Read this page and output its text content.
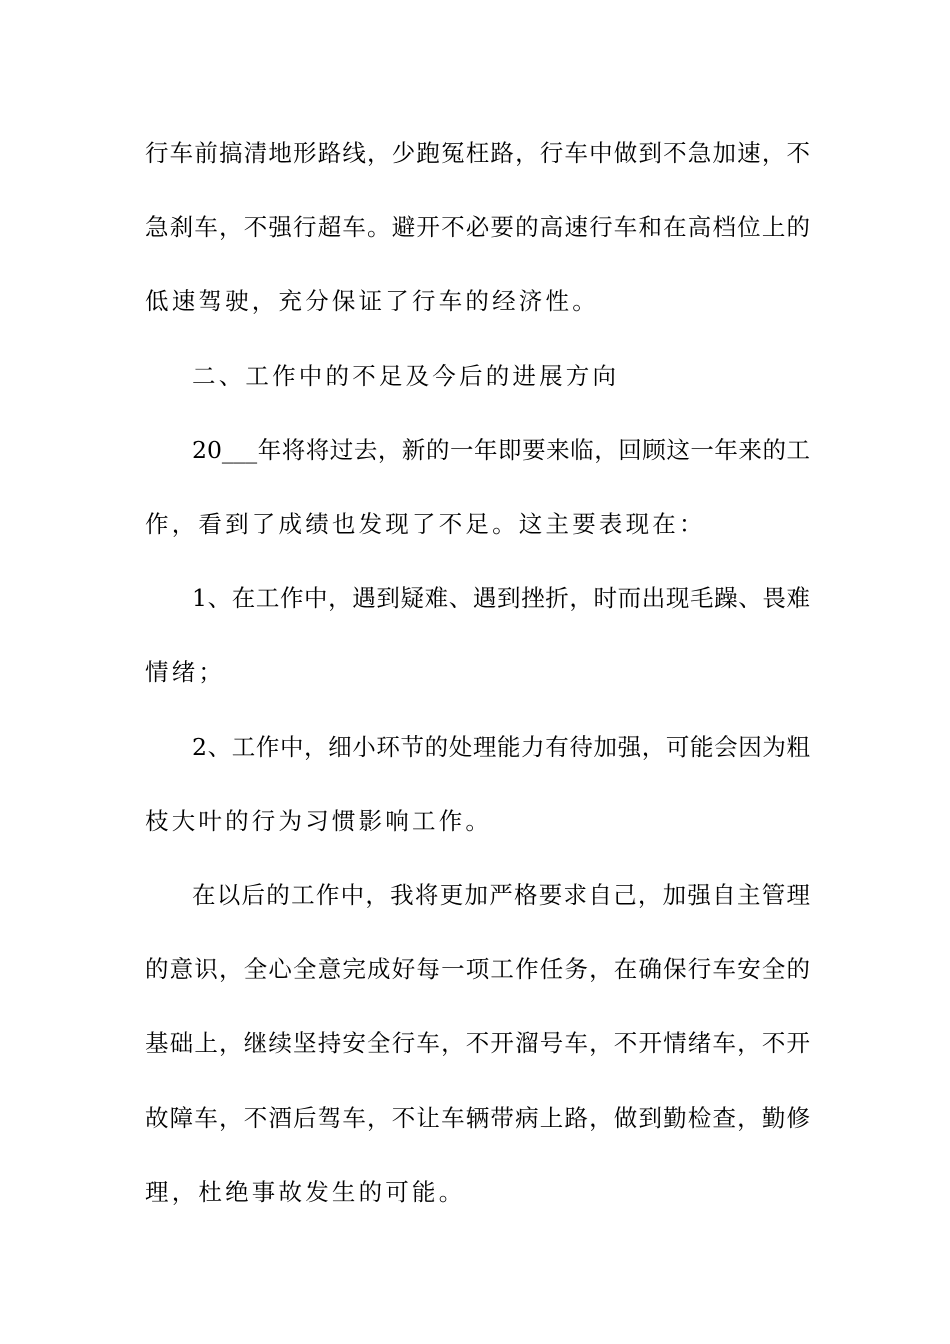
行车前搞清地形路线，少跑冤枉路，行车中做到不急加速，不
急刹车，不强行超车。避开不必要的高速行车和在高档位上的
低速驾驶，充分保证了行车的经济性。
二、工作中的不足及今后的进展方向
20___年将将过去，新的一年即要来临，回顾这一年来的工
作，看到了成绩也发现了不足。这主要表现在：
1、在工作中，遇到疑难、遇到挫折，时而出现毛躁、畏难
情绪；
2、工作中，细小环节的处理能力有待加强，可能会因为粗
枝大叶的行为习惯影响工作。
在以后的工作中，我将更加严格要求自己，加强自主管理
的意识，全心全意完成好每一项工作任务，在确保行车安全的
基础上，继续坚持安全行车，不开溜号车，不开情绪车，不开
故障车，不酒后驾车，不让车辆带病上路，做到勤检查，勤修
理，杜绝事故发生的可能。
